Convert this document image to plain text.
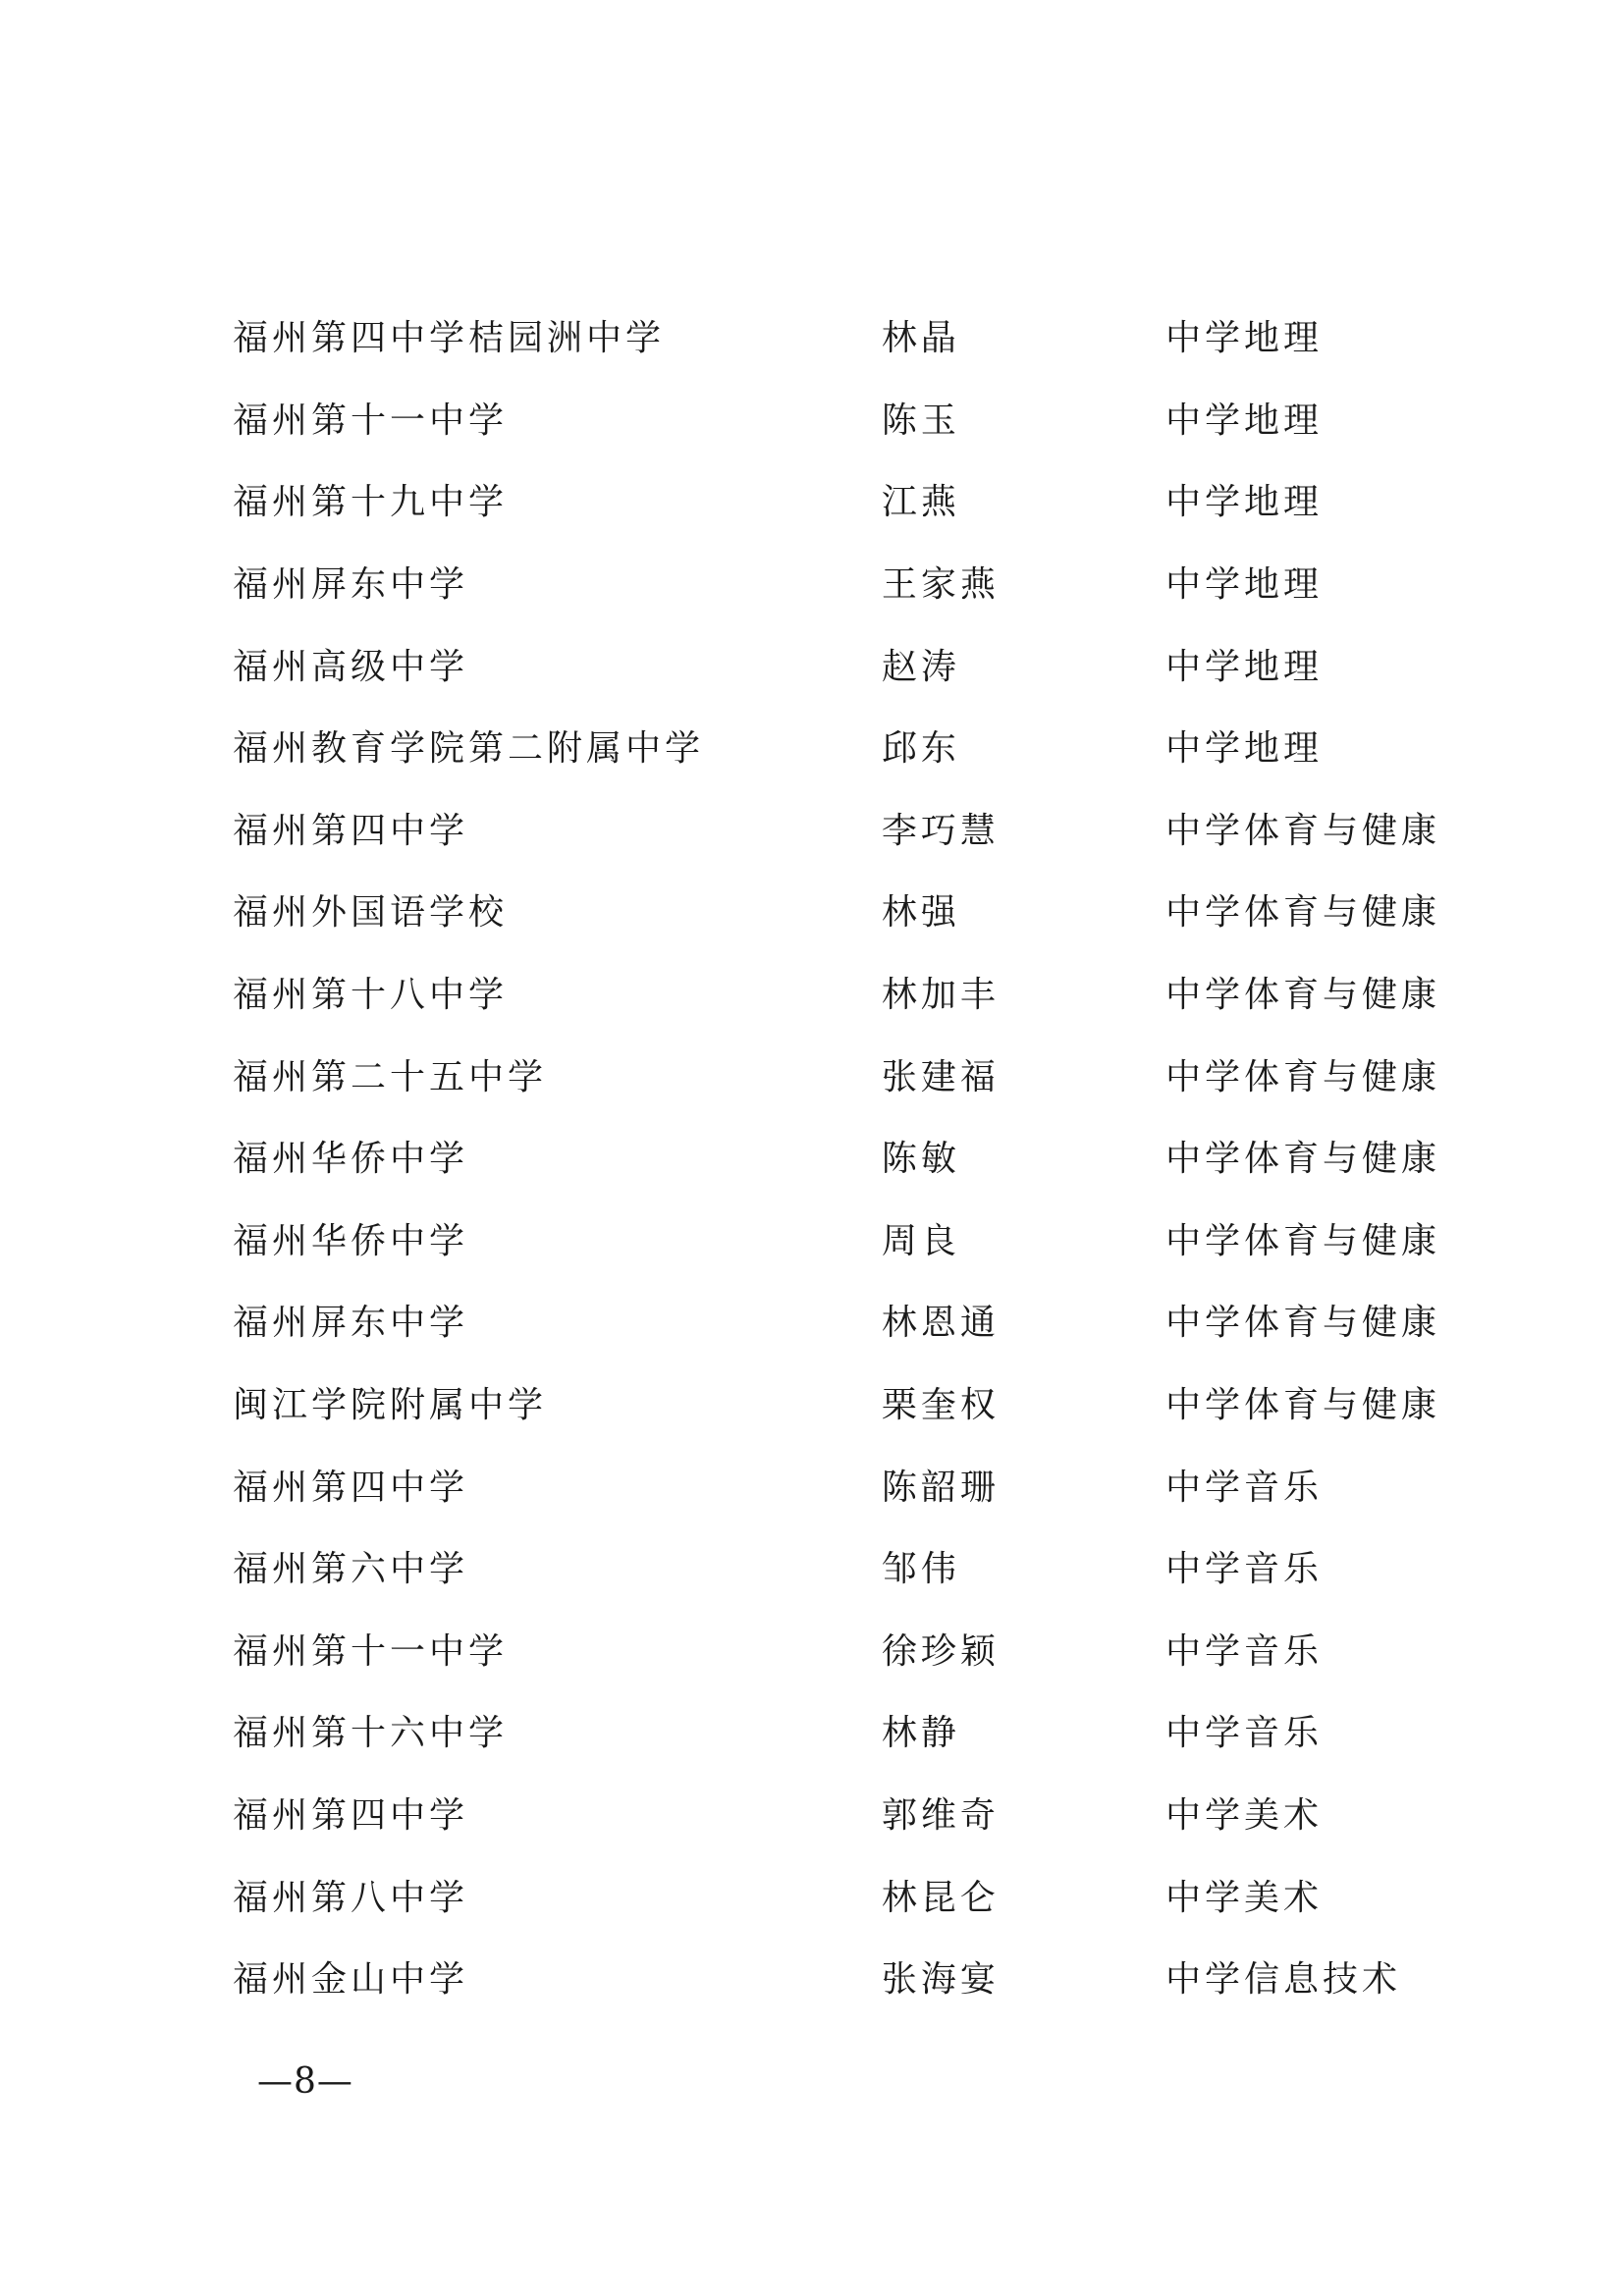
福州第四中学桔园洲中学	林晶	中学地理
福州第十一中学	陈玉	中学地理
福州第十九中学	江燕	中学地理
福州屏东中学	王家燕	中学地理
福州高级中学	赵涛	中学地理
福州教育学院第二附属中学	邱东	中学地理
福州第四中学	李巧慧	中学体育与健康
福州外国语学校	林强	中学体育与健康
福州第十八中学	林加丰	中学体育与健康
福州第二十五中学	张建福	中学体育与健康
福州华侨中学	陈敏	中学体育与健康
福州华侨中学	周良	中学体育与健康
福州屏东中学	林恩通	中学体育与健康
闽江学院附属中学	栗奎权	中学体育与健康
福州第四中学	陈韶珊	中学音乐
福州第六中学	邹伟	中学音乐
福州第十一中学	徐珍颖	中学音乐
福州第十六中学	林静	中学音乐
福州第四中学	郭维奇	中学美术
福州第八中学	林昆仑	中学美术
福州金山中学	张海宴	中学信息技术
—8—
